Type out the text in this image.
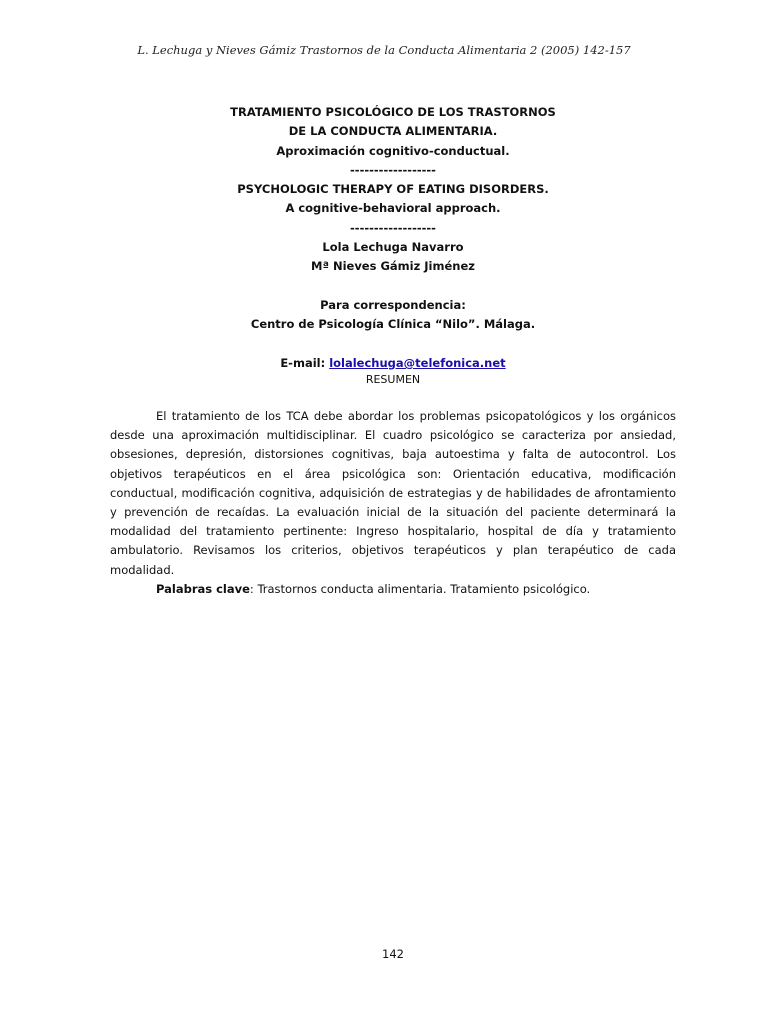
L. Lechuga y Nieves Gámiz Trastornos de la Conducta Alimentaria 2 (2005) 142-157
TRATAMIENTO PSICOLÓGICO DE LOS TRASTORNOS
DE LA CONDUCTA ALIMENTARIA.
Aproximación cognitivo-conductual.
------------------
PSYCHOLOGIC THERAPY OF EATING DISORDERS.
A cognitive-behavioral approach.
------------------
Lola Lechuga Navarro
Mª Nieves Gámiz Jiménez
Para correspondencia:
Centro de Psicología Clínica “Nilo”. Málaga.
E-mail: lolalechuga@telefonica.net
RESUMEN

El tratamiento de los TCA debe abordar los problemas psicopatológicos y los orgánicos desde una aproximación multidisciplinar. El cuadro psicológico se caracteriza por ansiedad, obsesiones, depresión, distorsiones cognitivas, baja autoestima y falta de autocontrol. Los objetivos terapéuticos en el área psicológica son: Orientación educativa, modificación conductual, modificación cognitiva, adquisición de estrategias y de habilidades de afrontamiento y prevención de recaídas. La evaluación inicial de la situación del paciente determinará la modalidad del tratamiento pertinente: Ingreso hospitalario, hospital de día y tratamiento ambulatorio. Revisamos los criterios, objetivos terapéuticos y plan terapéutico de cada modalidad.

Palabras clave: Trastornos conducta alimentaria. Tratamiento psicológico.

142
